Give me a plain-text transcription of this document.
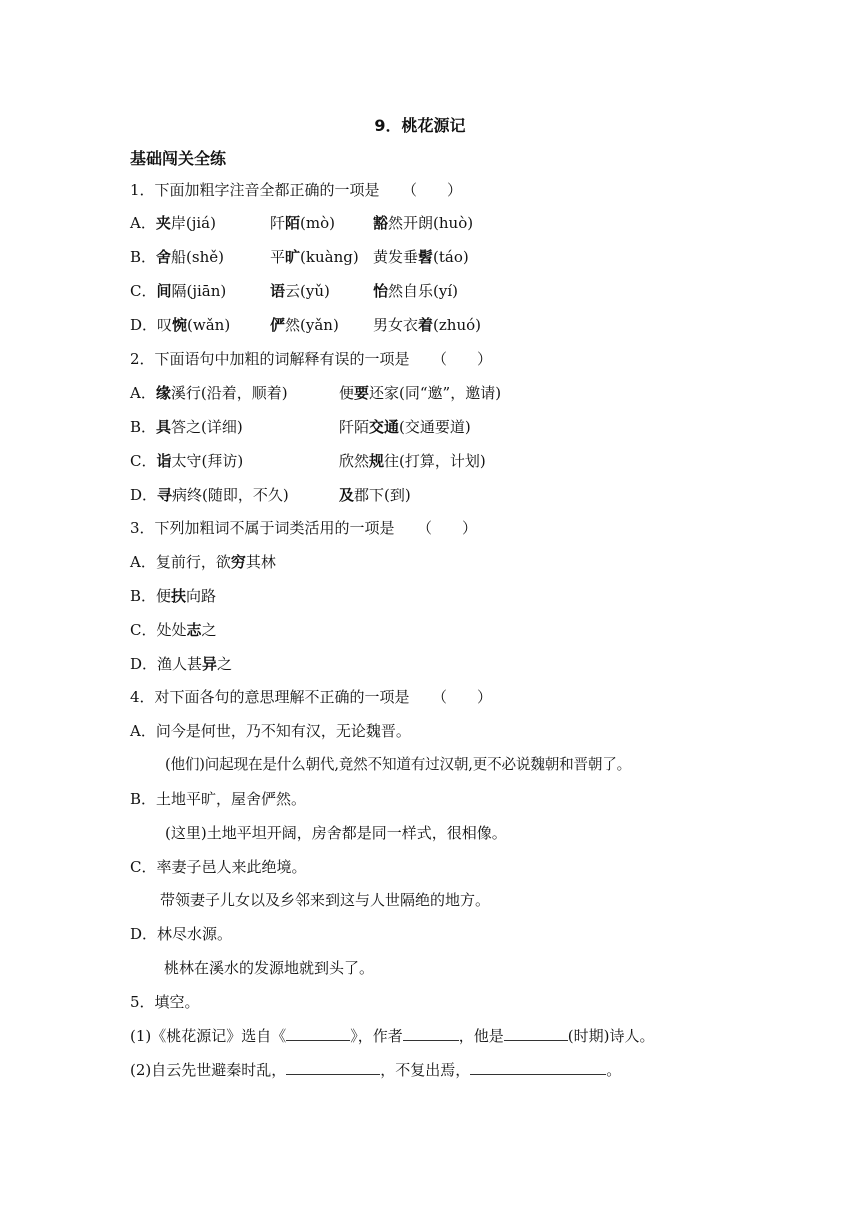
9．桃花源记
基础闯关全练
1．下面加粗字注音全都正确的一项是　　（　　）
A．夹岸(jiá)	阡陌(mò)	豁然开朗(huò)
B．舍船(shě)	平旷(kuàng) 黄发垂髫(táo)
C．间隔(jiān)	语云(yǔ)	怡然自乐(yí)
D．叹惋(wǎn)	俨然(yǎn) 男女衣着(zhuó)
2．下面语句中加粗的词解释有误的一项是　　（　　）
A．缘溪行(沿着，顺着)	便要还家(同“邀”，邀请)
B．具答之(详细)	阡陌交通(交通要道)
C．诣太守(拜访)	欣然规往(打算，计划)
D．寻病终(随即，不久)	及郡下(到)
3．下列加粗词不属于词类活用的一项是　　（　　）
A．复前行，欲穷其林
B．便扶向路
C．处处志之
D．渔人甚异之
4．对下面各句的意思理解不正确的一项是　　（　　）
A．问今是何世，乃不知有汉，无论魏晋。
(他们)问起现在是什么朝代,竟然不知道有过汉朝,更不必说魏朝和晋朝了。
B．土地平旷，屋舍俨然。
(这里)土地平坦开阔，房舍都是同一样式，很相像。
C．率妻子邑人来此绝境。
带领妻子儿女以及乡邻来到这与人世隔绝的地方。
D．林尽水源。
桃林在溪水的发源地就到头了。
5．填空。
(1)《桃花源记》选自《	》，作者	，他是	(时期)诗人。
(2)自云先世避秦时乱，	，不复出焉，	。
